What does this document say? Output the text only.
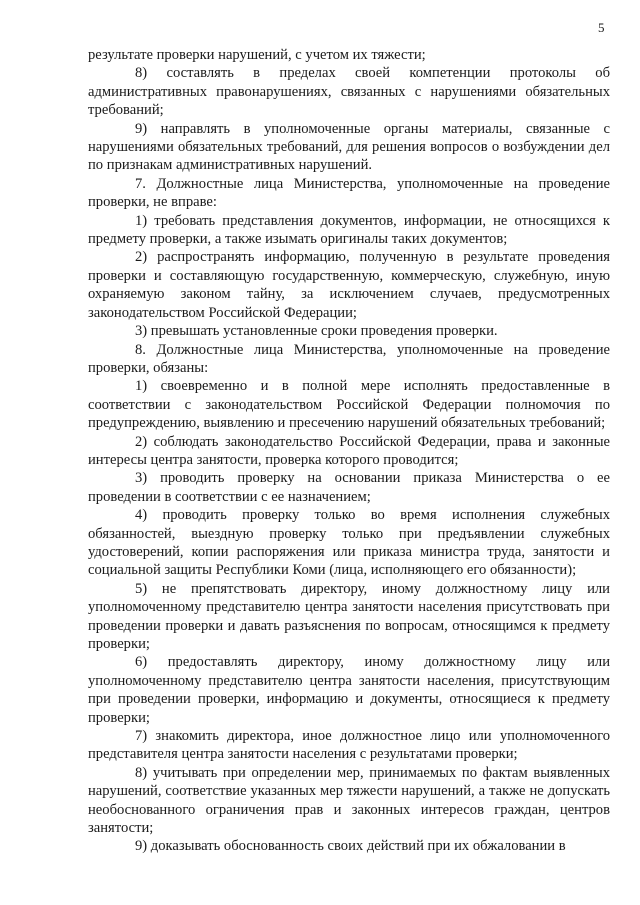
5

результате проверки нарушений, с учетом их тяжести;

8) составлять в пределах своей компетенции протоколы об административных правонарушениях, связанных с нарушениями обязательных требований;

9) направлять в уполномоченные органы материалы, связанные с нарушениями обязательных требований, для решения вопросов о возбуждении дел по признакам административных нарушений.

7. Должностные лица Министерства, уполномоченные на проведение проверки, не вправе:

1) требовать представления документов, информации, не относящихся к предмету проверки, а также изымать оригиналы таких документов;

2) распространять информацию, полученную в результате проведения проверки и составляющую государственную, коммерческую, служебную, иную охраняемую законом тайну, за исключением случаев, предусмотренных законодательством Российской Федерации;

3) превышать установленные сроки проведения проверки.

8. Должностные лица Министерства, уполномоченные на проведение проверки, обязаны:

1) своевременно и в полной мере исполнять предоставленные в соответствии с законодательством Российской Федерации полномочия по предупреждению, выявлению и пресечению нарушений обязательных требований;

2) соблюдать законодательство Российской Федерации, права и законные интересы центра занятости, проверка которого проводится;

3) проводить проверку на основании приказа Министерства о ее проведении в соответствии с ее назначением;

4) проводить проверку только во время исполнения служебных обязанностей, выездную проверку только при предъявлении служебных удостоверений, копии распоряжения или приказа министра труда, занятости и социальной защиты Республики Коми (лица, исполняющего его обязанности);

5) не препятствовать директору, иному должностному лицу или уполномоченному представителю центра занятости населения присутствовать при проведении проверки и давать разъяснения по вопросам, относящимся к предмету проверки;

6) предоставлять директору, иному должностному лицу или уполномоченному представителю центра занятости населения, присутствующим при проведении проверки, информацию и документы, относящиеся к предмету проверки;

7) знакомить директора, иное должностное лицо или уполномоченного представителя центра занятости населения с результатами проверки;

8) учитывать при определении мер, принимаемых по фактам выявленных нарушений, соответствие указанных мер тяжести нарушений, а также не допускать необоснованного ограничения прав и законных интересов граждан, центров занятости;

9) доказывать обоснованность своих действий при их обжаловании в
